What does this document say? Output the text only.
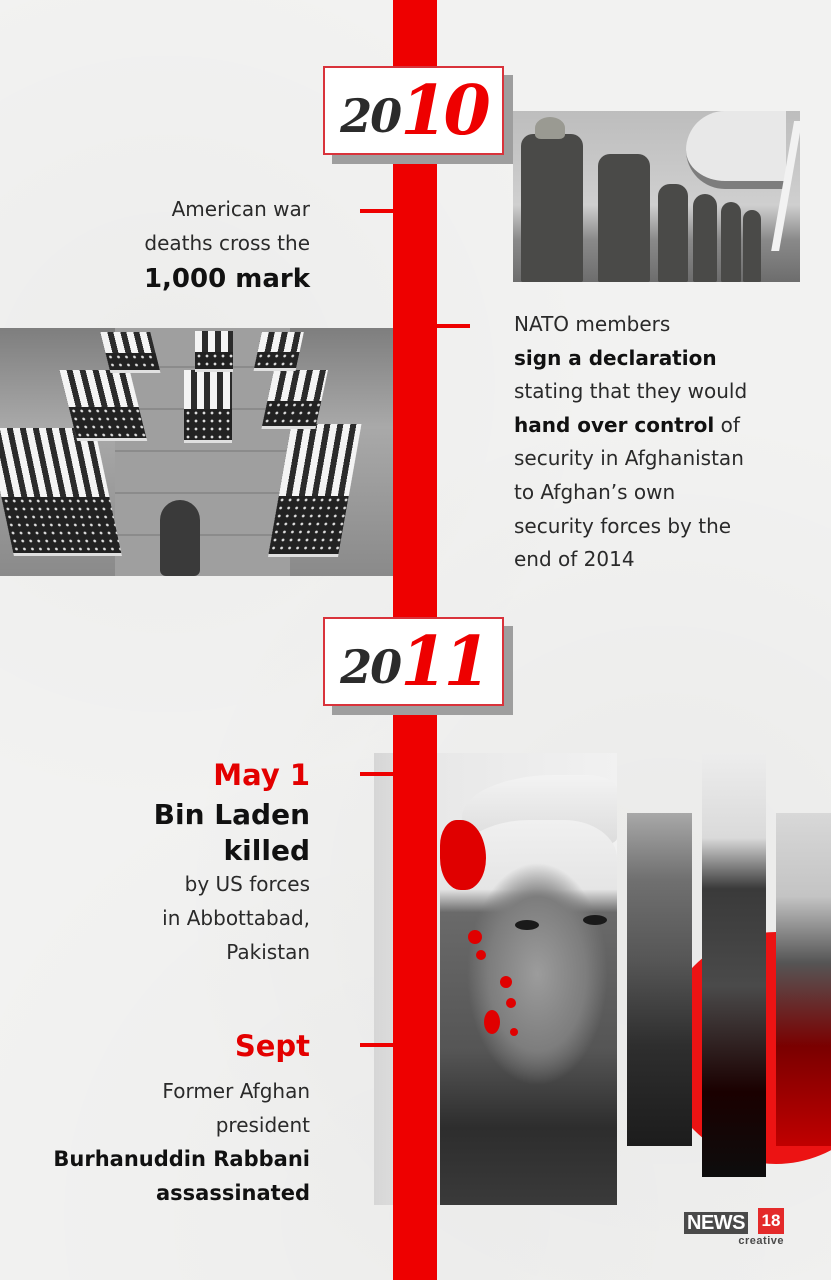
20 10
American war
deaths cross the
1,000 mark
NATO members
sign a declaration
stating that they would
hand over control of
security in Afghanistan
to Afghan’s own
security forces by the
end of 2014
20 11
May 1
Bin Laden
killed
by US forces
in Abbottabad,
Pakistan
Sept
Former Afghan
president
Burhanuddin Rabbani
assassinated
NEWS 18
creative
